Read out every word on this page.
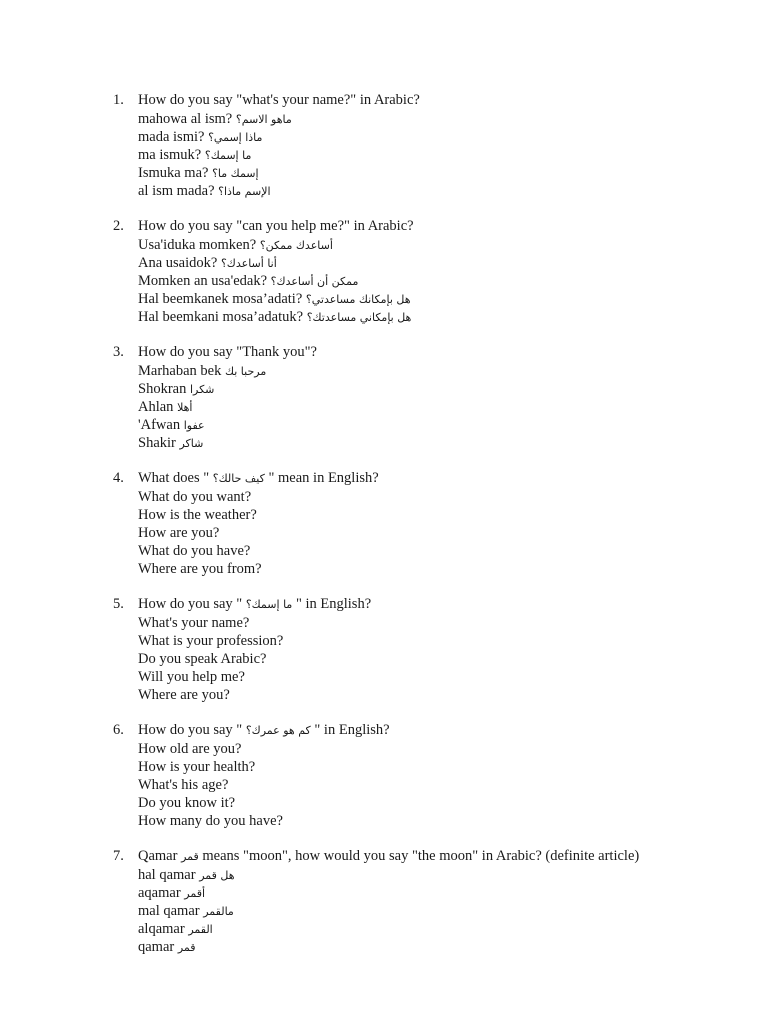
1. How do you say "what's your name?" in Arabic?
mahowa al ism? ماهو الاسم؟
mada ismi? ماذا إسمي؟
ma ismuk? ما إسمك؟
Ismuka ma? إسمك ما؟
al ism mada? الإسم ماذا؟
2. How do you say "can you help me?" in Arabic?
Usa'iduka momken? أساعدك ممكن؟
Ana usaidok? أنا أساعدك؟
Momken an usa'edak? ممكن أن أساعدك؟
Hal beemkanek mosa’adati? هل بإمكانك مساعدتي؟
Hal beemkani mosa’adatuk? هل بإمكاني مساعدتك؟
3. How do you say "Thank you"?
Marhaban bek مرحبا بك
Shokran شكرا
Ahlan أهلا
'Afwan عفوا
Shakir شاكر
4. What does " كيف حالك؟ " mean in English?
What do you want?
How is the weather?
How are you?
What do you have?
Where are you from?
5. How do you say " ما إسمك؟ " in English?
What's your name?
What is your profession?
Do you speak Arabic?
Will you help me?
Where are you?
6. How do you say " كم هو عمرك؟ " in English?
How old are you?
How is your health?
What's his age?
Do you know it?
How many do you have?
7. Qamar قمر means "moon", how would you say "the moon" in Arabic? (definite article)
hal qamar هل قمر
aqamar أقمر
mal qamar مالقمر
alqamar القمر
qamar قمر
